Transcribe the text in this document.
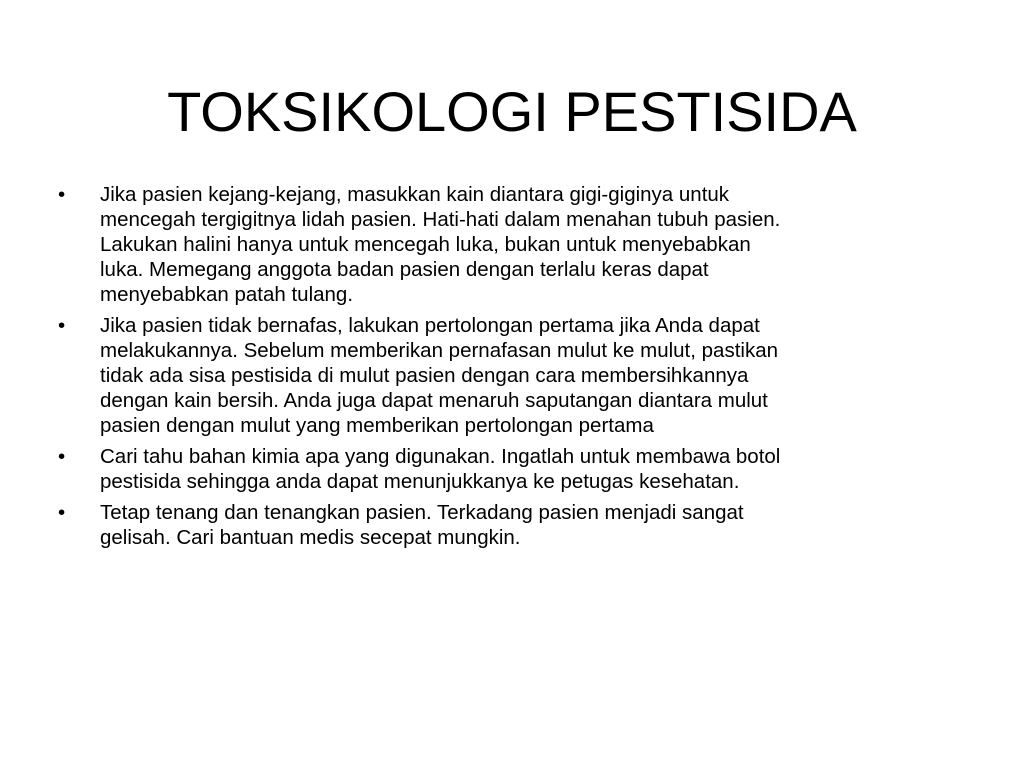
TOKSIKOLOGI PESTISIDA
•	Jika pasien kejang-kejang, masukkan kain diantara gigi-giginya untuk
mencegah tergigitnya lidah pasien. Hati-hati dalam menahan tubuh pasien.
Lakukan halini hanya untuk mencegah luka, bukan untuk menyebabkan
luka. Memegang anggota badan pasien dengan terlalu keras dapat
menyebabkan patah tulang.
•	Jika pasien tidak bernafas, lakukan pertolongan pertama jika Anda dapat
melakukannya. Sebelum memberikan pernafasan mulut ke mulut, pastikan
tidak ada sisa pestisida di mulut pasien dengan cara membersihkannya
dengan kain bersih. Anda juga dapat menaruh saputangan diantara mulut
pasien dengan mulut yang memberikan pertolongan pertama
•	Cari tahu bahan kimia apa yang digunakan. Ingatlah untuk membawa botol
pestisida sehingga anda dapat menunjukkanya ke petugas kesehatan.
•	Tetap tenang dan tenangkan pasien. Terkadang pasien menjadi sangat
gelisah. Cari bantuan medis secepat mungkin.
